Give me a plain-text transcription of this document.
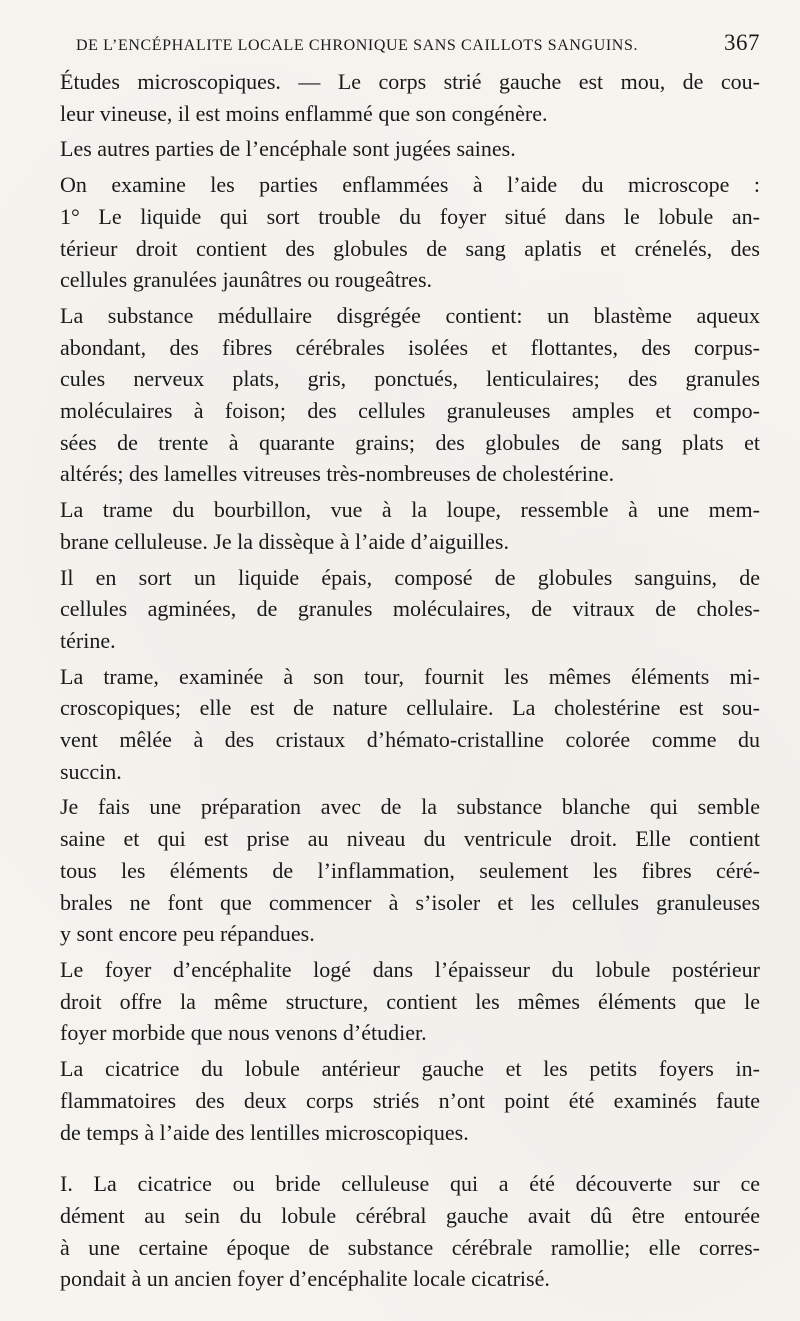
DE L’ENCÉPHALITE LOCALE CHRONIQUE SANS CAILLOTS SANGUINS.	367

Études microscopiques. — Le corps strié gauche est mou, de cou-
leur vineuse, il est moins enflammé que son congénère.

Les autres parties de l’encéphale sont jugées saines.

On examine les parties enflammées à l’aide du microscope :
1° Le liquide qui sort trouble du foyer situé dans le lobule an-
térieur droit contient des globules de sang aplatis et crénelés, des
cellules granulées jaunâtres ou rougeâtres.

La substance médullaire disgrégée contient: un blastème aqueux
abondant, des fibres cérébrales isolées et flottantes, des corpus-
cules nerveux plats, gris, ponctués, lenticulaires; des granules
moléculaires à foison; des cellules granuleuses amples et compo-
sées de trente à quarante grains; des globules de sang plats et
altérés; des lamelles vitreuses très-nombreuses de cholestérine.

La trame du bourbillon, vue à la loupe, ressemble à une mem-
brane celluleuse. Je la dissèque à l’aide d’aiguilles.

Il en sort un liquide épais, composé de globules sanguins, de
cellules agminées, de granules moléculaires, de vitraux de choles-
térine.

La trame, examinée à son tour, fournit les mêmes éléments mi-
croscopiques; elle est de nature cellulaire. La cholestérine est sou-
vent mêlée à des cristaux d’hémato-cristalline colorée comme du
succin.

Je fais une préparation avec de la substance blanche qui semble
saine et qui est prise au niveau du ventricule droit. Elle contient
tous les éléments de l’inflammation, seulement les fibres céré-
brales ne font que commencer à s’isoler et les cellules granuleuses
y sont encore peu répandues.

Le foyer d’encéphalite logé dans l’épaisseur du lobule postérieur
droit offre la même structure, contient les mêmes éléments que le
foyer morbide que nous venons d’étudier.

La cicatrice du lobule antérieur gauche et les petits foyers in-
flammatoires des deux corps striés n’ont point été examinés faute
de temps à l’aide des lentilles microscopiques.

I. La cicatrice ou bride celluleuse qui a été découverte sur ce
dément au sein du lobule cérébral gauche avait dû être entourée
à une certaine époque de substance cérébrale ramollie; elle corres-
pondait à un ancien foyer d’encéphalite locale cicatrisé.
